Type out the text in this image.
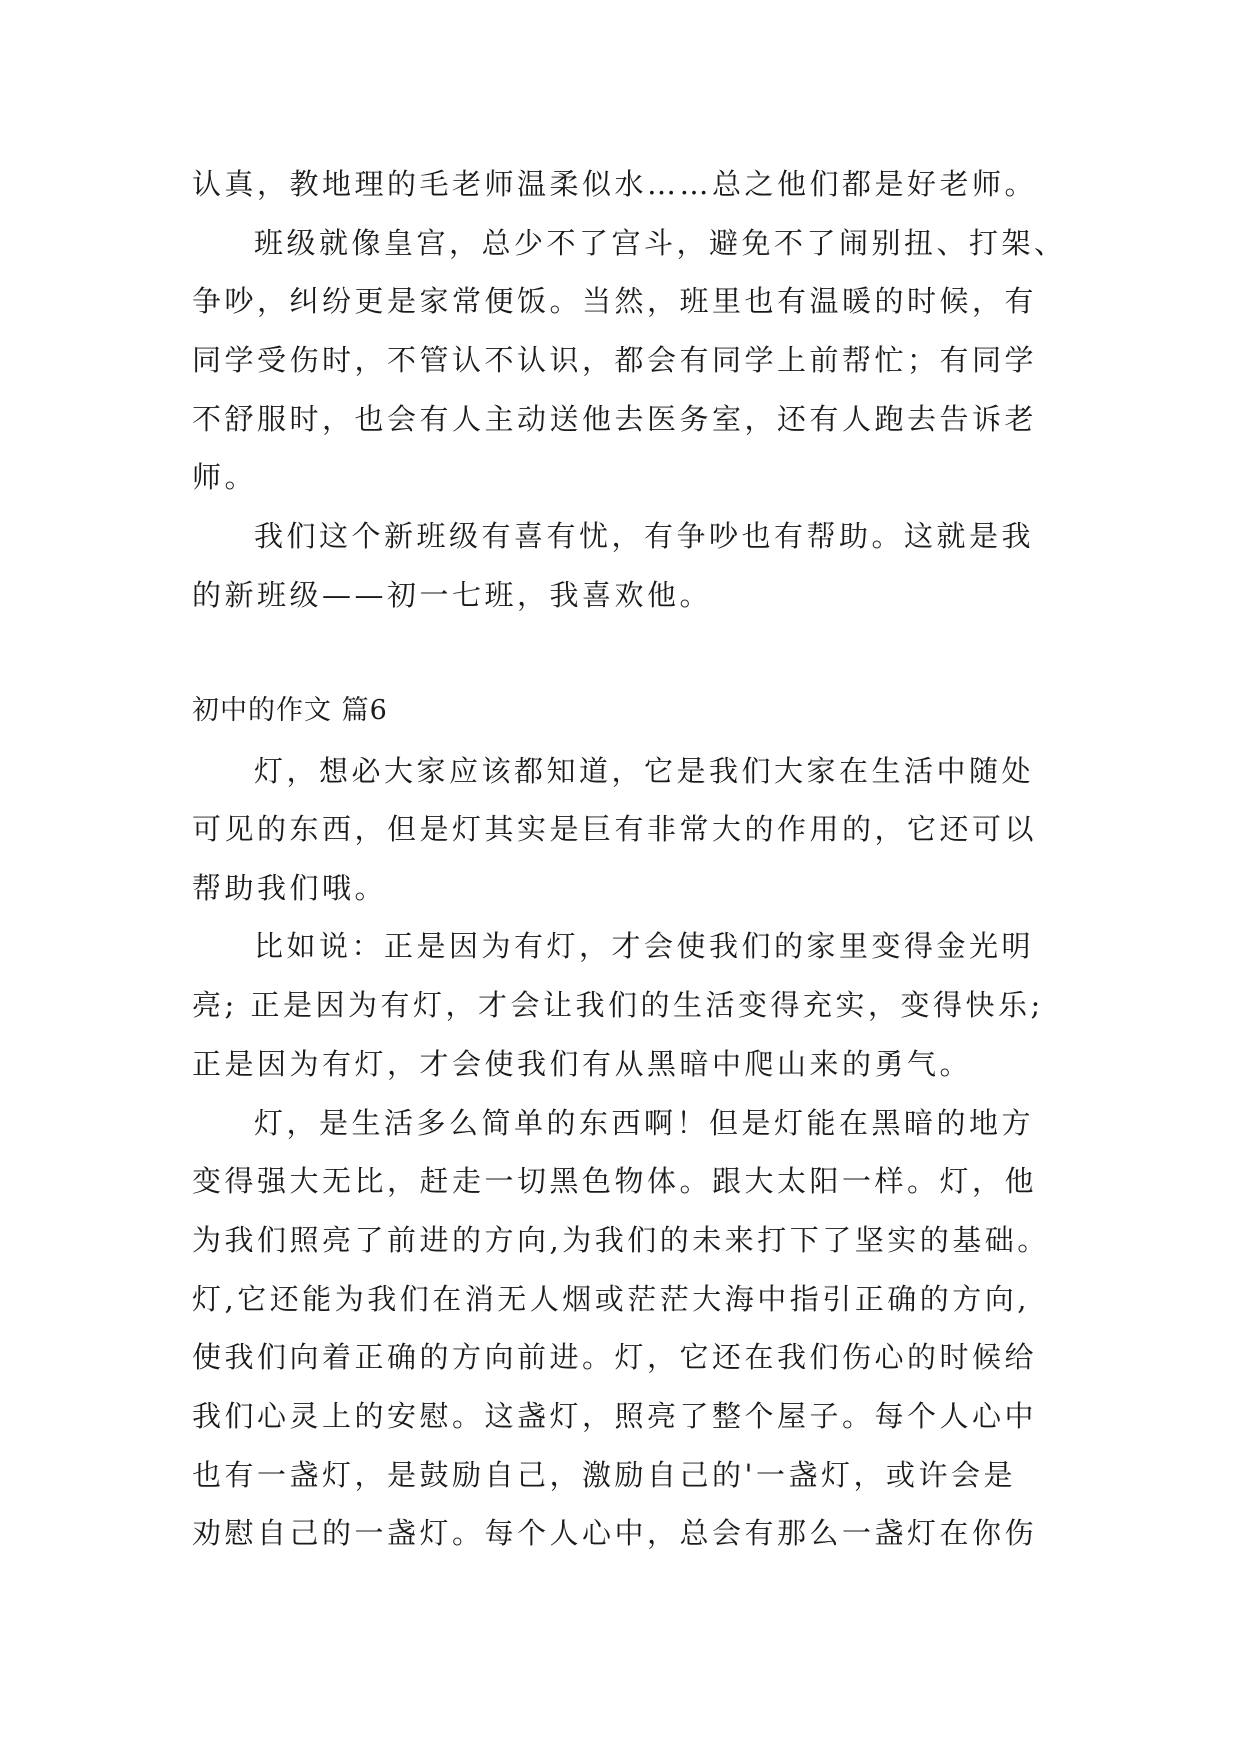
认真，教地理的毛老师温柔似水……总之他们都是好老师。
班级就像皇宫，总少不了宫斗，避免不了闹别扭、打架、
争吵，纠纷更是家常便饭。当然，班里也有温暖的时候，有
同学受伤时，不管认不认识，都会有同学上前帮忙；有同学
不舒服时，也会有人主动送他去医务室，还有人跑去告诉老
师。
我们这个新班级有喜有忧，有争吵也有帮助。这就是我
的新班级——初一七班，我喜欢他。
初中的作文 篇6
灯，想必大家应该都知道，它是我们大家在生活中随处
可见的东西，但是灯其实是巨有非常大的作用的，它还可以
帮助我们哦。
比如说：正是因为有灯，才会使我们的家里变得金光明
亮; 正是因为有灯，才会让我们的生活变得充实，变得快乐;
正是因为有灯，才会使我们有从黑暗中爬山来的勇气。
灯，是生活多么简单的东西啊！但是灯能在黑暗的地方
变得强大无比，赶走一切黑色物体。跟大太阳一样。灯，他
为我们照亮了前进的方向,为我们的未来打下了坚实的基础。
灯,它还能为我们在消无人烟或茫茫大海中指引正确的方向,
使我们向着正确的方向前进。灯，它还在我们伤心的时候给
我们心灵上的安慰。这盏灯，照亮了整个屋子。每个人心中
也有一盏灯，是鼓励自己，激励自己的'一盏灯，或许会是
劝慰自己的一盏灯。每个人心中，总会有那么一盏灯在你伤
